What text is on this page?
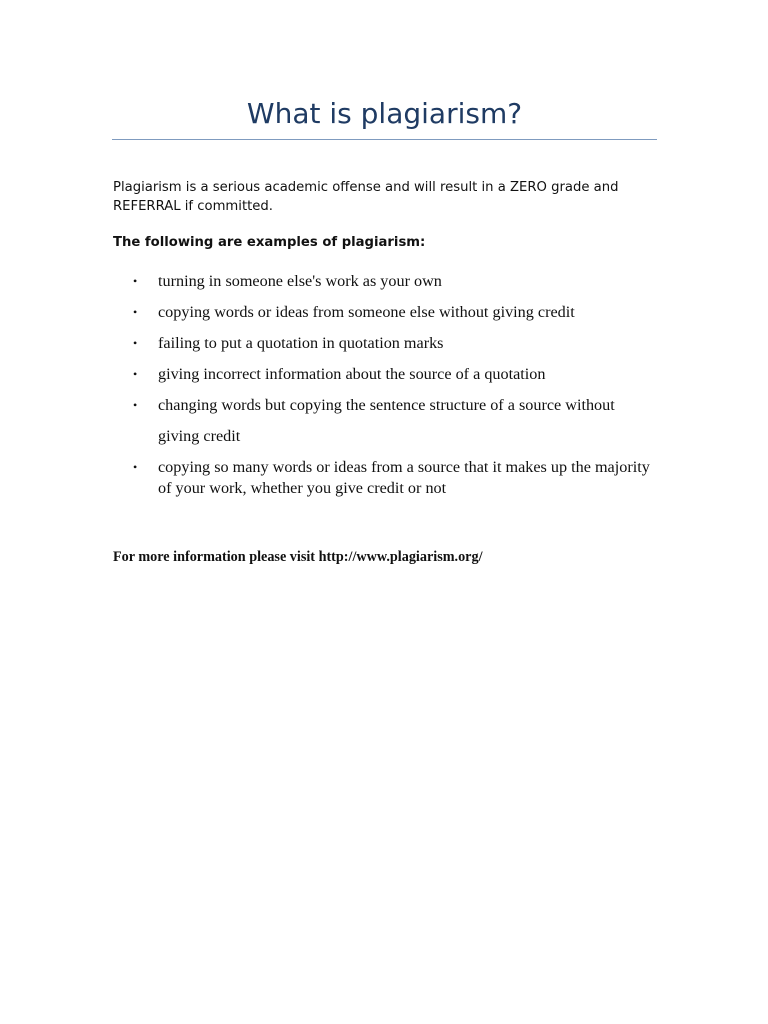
What is plagiarism?

Plagiarism is a serious academic offense and will result in a ZERO grade and REFERRAL if committed.

The following are examples of plagiarism:

• turning in someone else's work as your own
• copying words or ideas from someone else without giving credit
• failing to put a quotation in quotation marks
• giving incorrect information about the source of a quotation
• changing words but copying the sentence structure of a source without giving credit
• copying so many words or ideas from a source that it makes up the majority of your work, whether you give credit or not

For more information please visit http://www.plagiarism.org/
